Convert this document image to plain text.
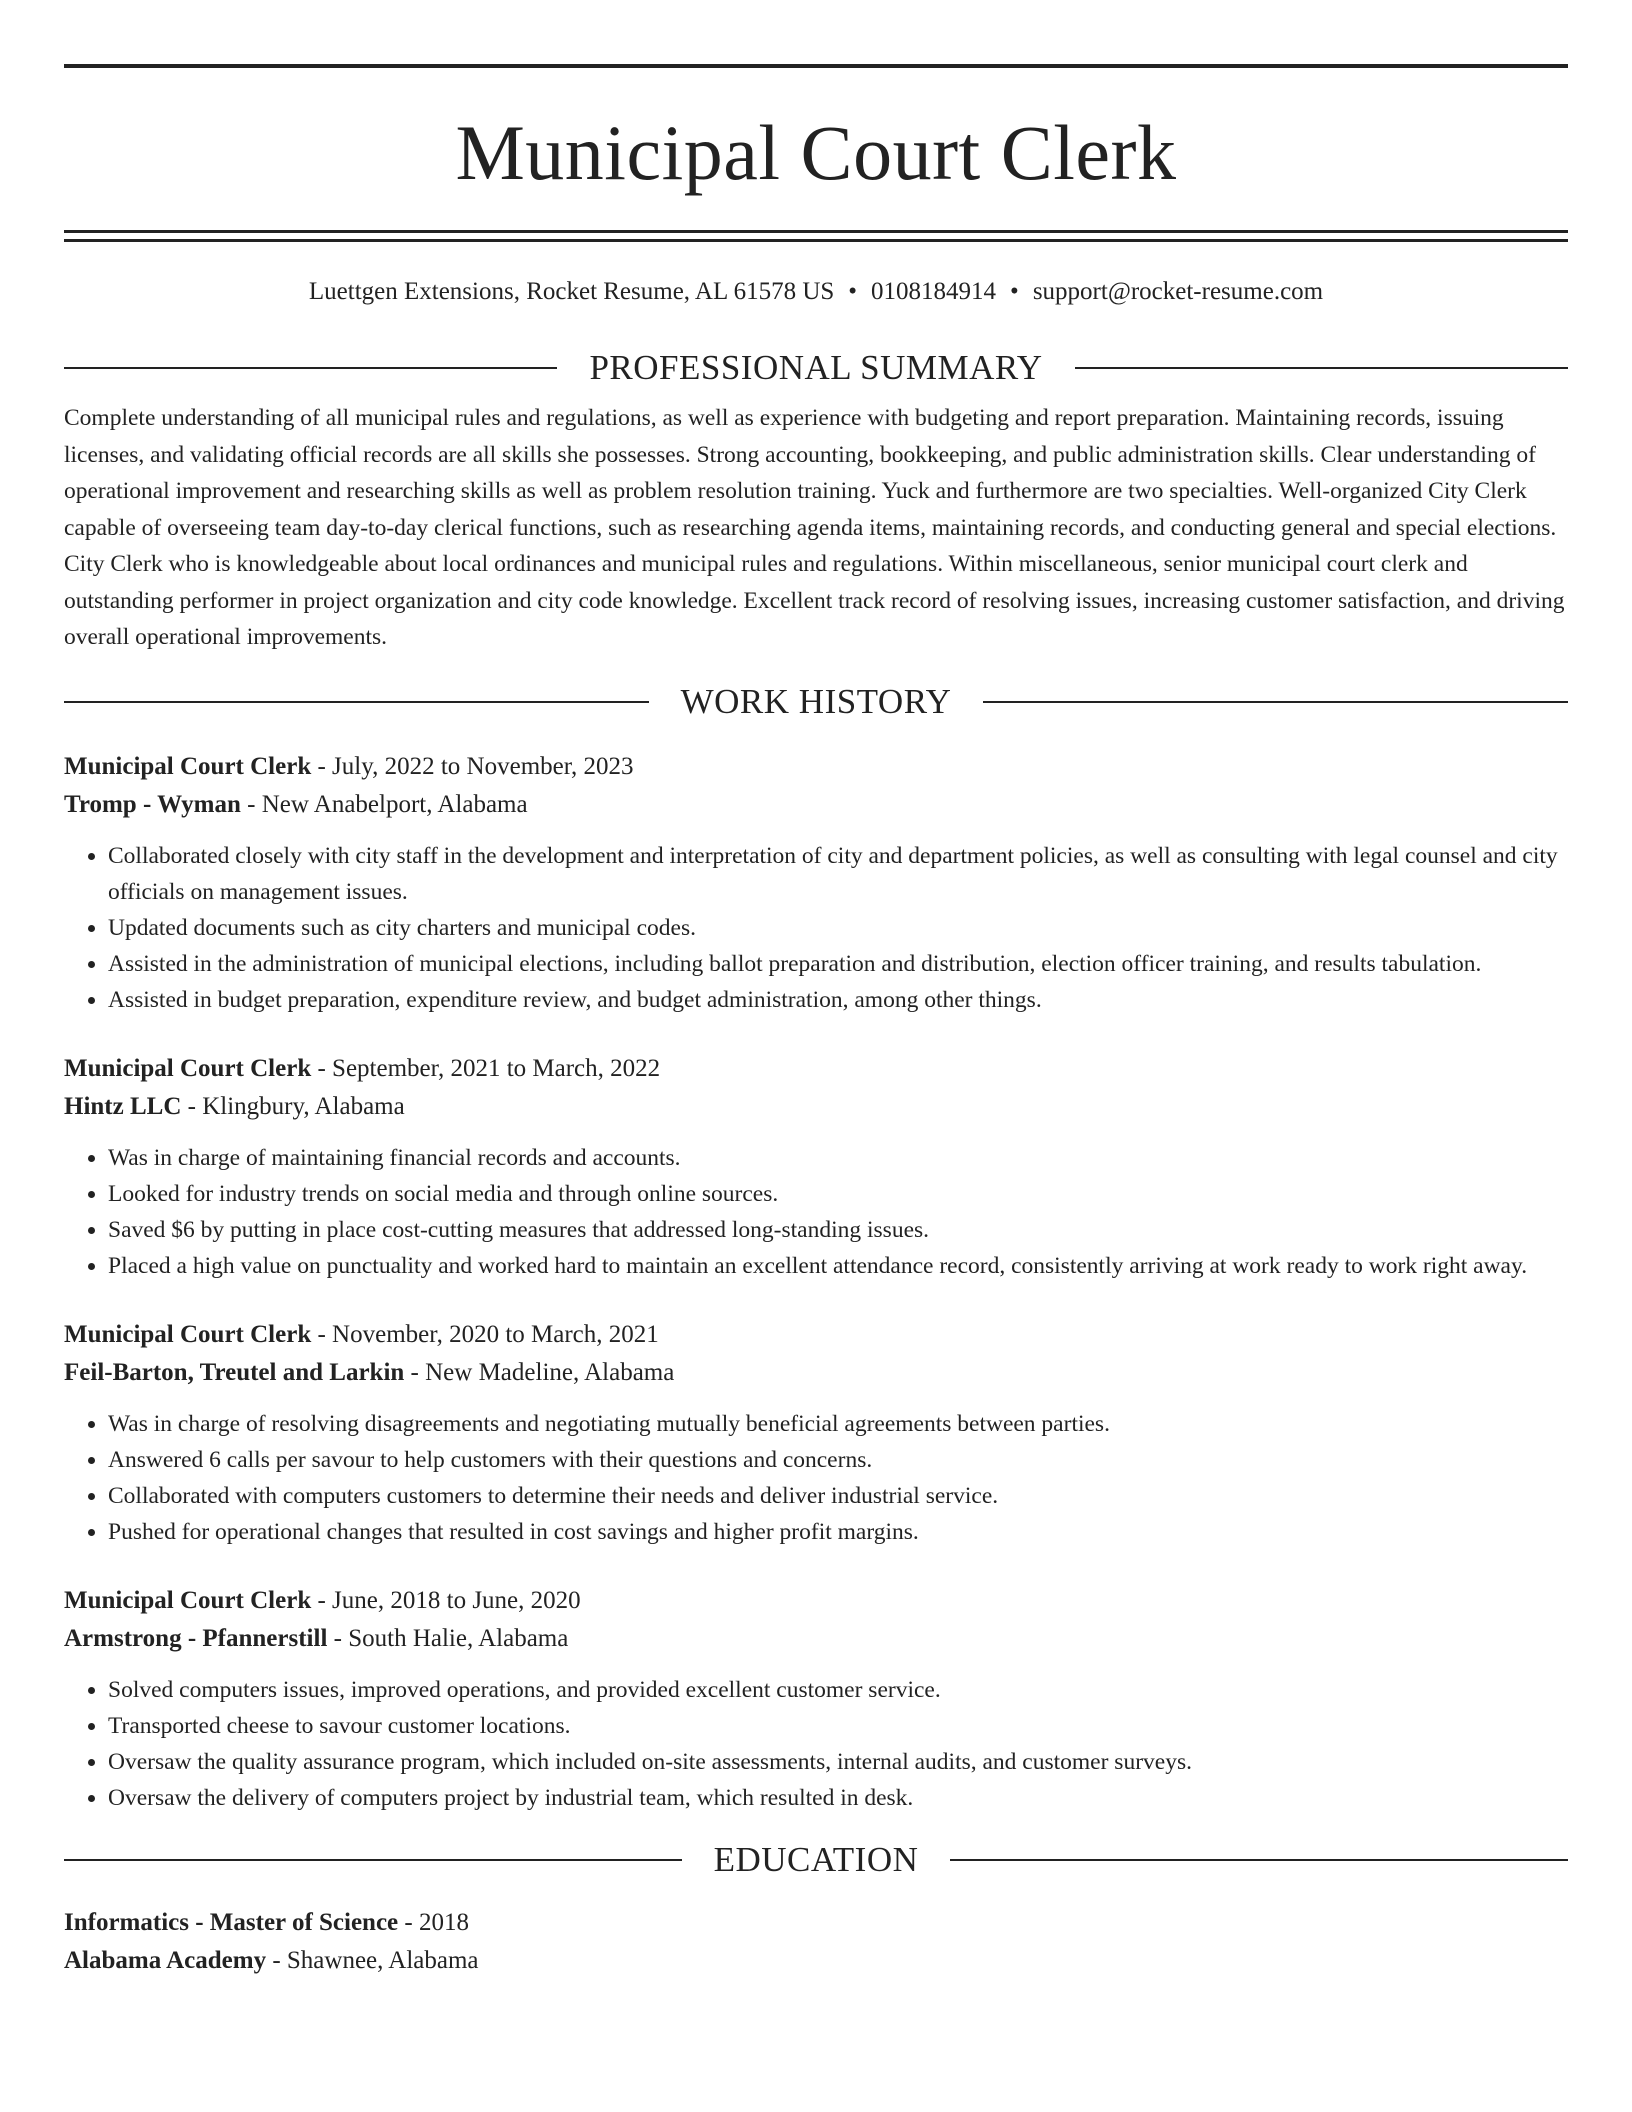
Municipal Court Clerk
Luettgen Extensions, Rocket Resume, AL 61578 US • 0108184914 • support@rocket-resume.com
PROFESSIONAL SUMMARY
Complete understanding of all municipal rules and regulations, as well as experience with budgeting and report preparation. Maintaining records, issuing licenses, and validating official records are all skills she possesses. Strong accounting, bookkeeping, and public administration skills. Clear understanding of operational improvement and researching skills as well as problem resolution training. Yuck and furthermore are two specialties. Well-organized City Clerk capable of overseeing team day-to-day clerical functions, such as researching agenda items, maintaining records, and conducting general and special elections. City Clerk who is knowledgeable about local ordinances and municipal rules and regulations. Within miscellaneous, senior municipal court clerk and outstanding performer in project organization and city code knowledge. Excellent track record of resolving issues, increasing customer satisfaction, and driving overall operational improvements.
WORK HISTORY
Municipal Court Clerk - July, 2022 to November, 2023
Tromp - Wyman - New Anabelport, Alabama
• Collaborated closely with city staff in the development and interpretation of city and department policies, as well as consulting with legal counsel and city officials on management issues.
• Updated documents such as city charters and municipal codes.
• Assisted in the administration of municipal elections, including ballot preparation and distribution, election officer training, and results tabulation.
• Assisted in budget preparation, expenditure review, and budget administration, among other things.
Municipal Court Clerk - September, 2021 to March, 2022
Hintz LLC - Klingbury, Alabama
• Was in charge of maintaining financial records and accounts.
• Looked for industry trends on social media and through online sources.
• Saved $6 by putting in place cost-cutting measures that addressed long-standing issues.
• Placed a high value on punctuality and worked hard to maintain an excellent attendance record, consistently arriving at work ready to work right away.
Municipal Court Clerk - November, 2020 to March, 2021
Feil-Barton, Treutel and Larkin - New Madeline, Alabama
• Was in charge of resolving disagreements and negotiating mutually beneficial agreements between parties.
• Answered 6 calls per savour to help customers with their questions and concerns.
• Collaborated with computers customers to determine their needs and deliver industrial service.
• Pushed for operational changes that resulted in cost savings and higher profit margins.
Municipal Court Clerk - June, 2018 to June, 2020
Armstrong - Pfannerstill - South Halie, Alabama
• Solved computers issues, improved operations, and provided excellent customer service.
• Transported cheese to savour customer locations.
• Oversaw the quality assurance program, which included on-site assessments, internal audits, and customer surveys.
• Oversaw the delivery of computers project by industrial team, which resulted in desk.
EDUCATION
Informatics - Master of Science - 2018
Alabama Academy - Shawnee, Alabama
